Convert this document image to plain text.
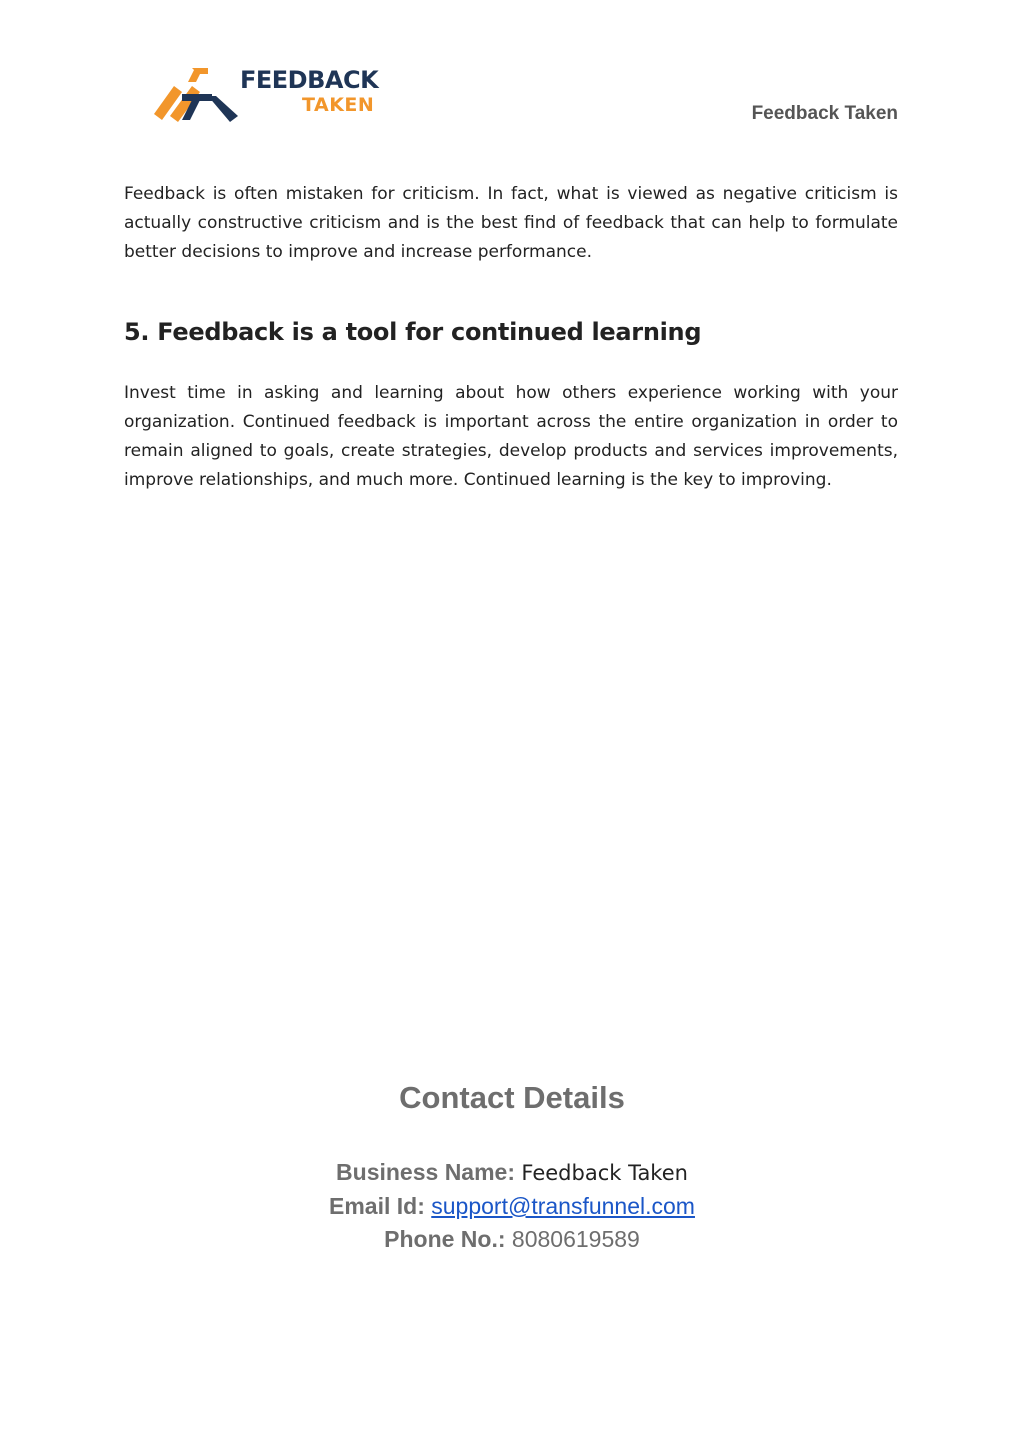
FEEDBACK
TAKEN	Feedback Taken

Feedback is often mistaken for criticism. In fact, what is viewed as negative criticism is actually constructive criticism and is the best find of feedback that can help to formulate better decisions to improve and increase performance.

5. Feedback is a tool for continued learning

Invest time in asking and learning about how others experience working with your organization. Continued feedback is important across the entire organization in order to remain aligned to goals, create strategies, develop products and services improvements, improve relationships, and much more. Continued learning is the key to improving.

Contact Details
Business Name: Feedback Taken
Email Id: support@transfunnel.com
Phone No.: 8080619589
